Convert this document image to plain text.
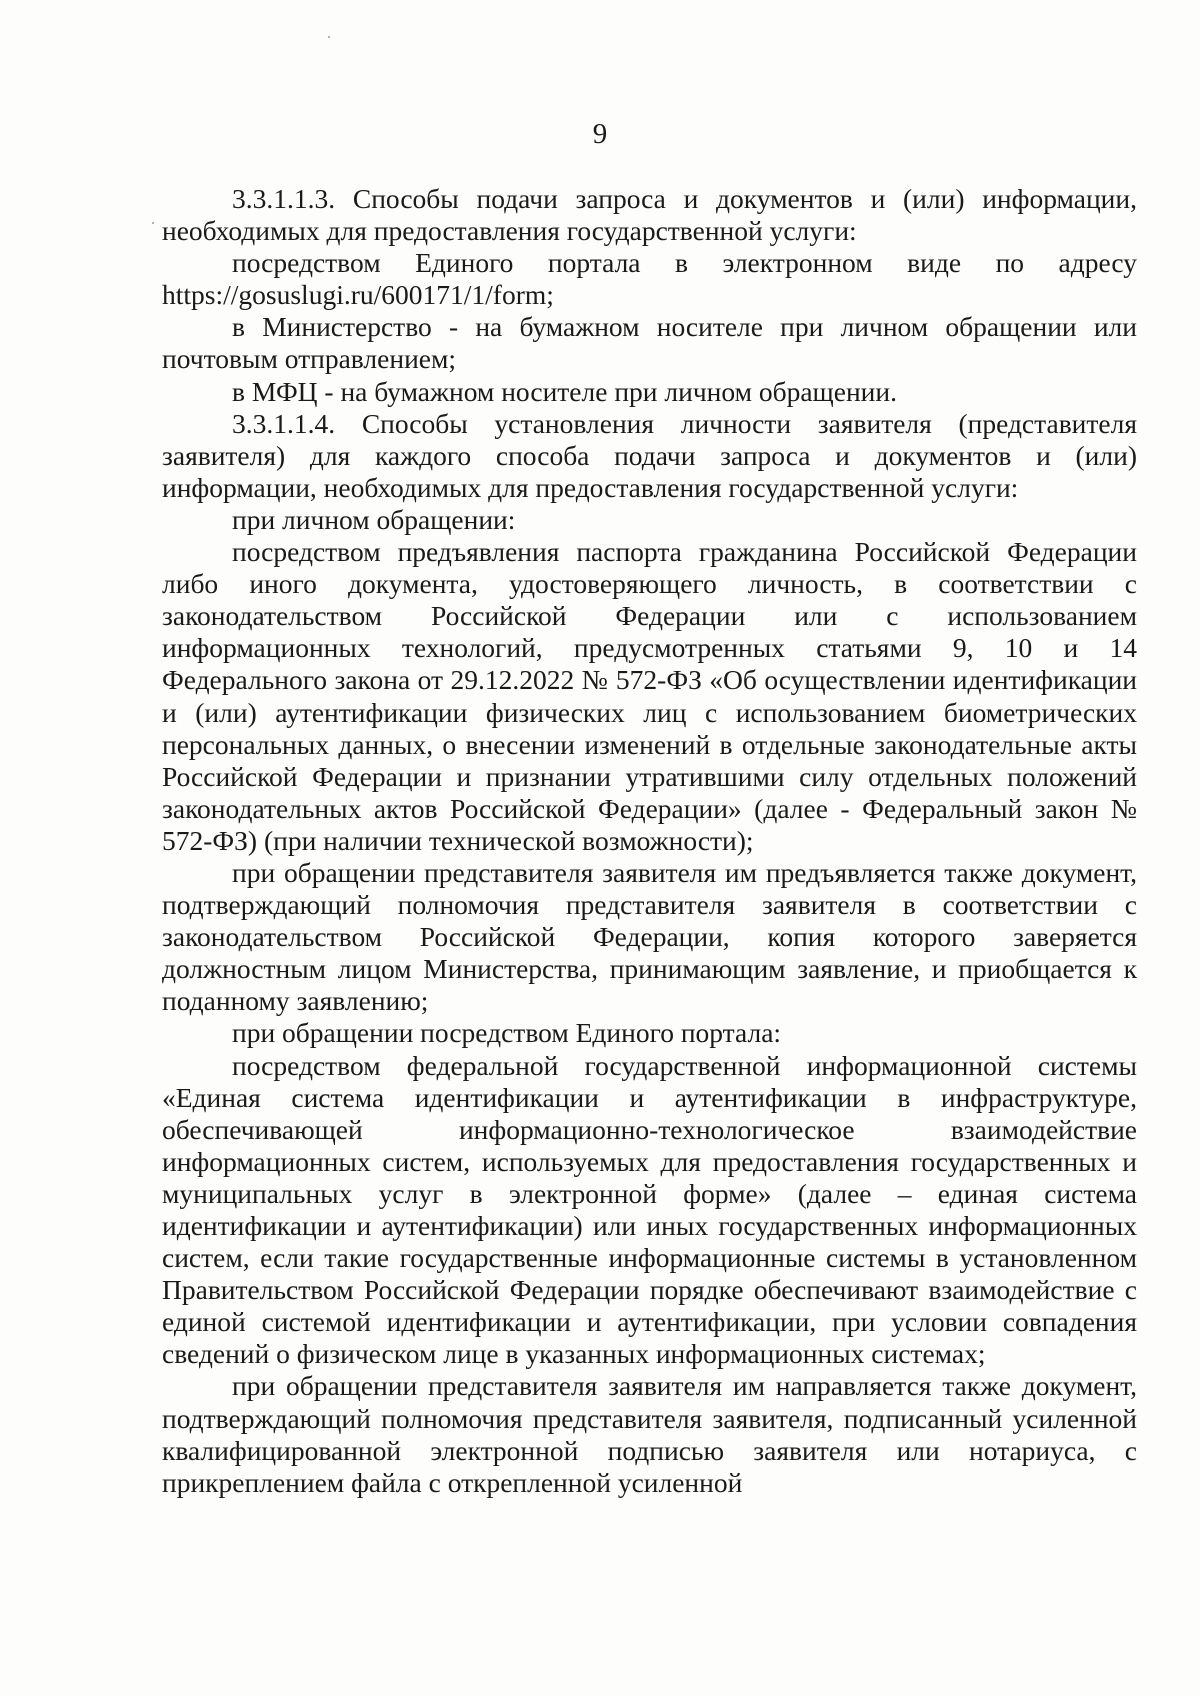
9

3.3.1.1.3. Способы подачи запроса и документов и (или) информации, необходимых для предоставления государственной услуги:

посредством Единого портала в электронном виде по адресу https://gosuslugi.ru/600171/1/form;

в Министерство - на бумажном носителе при личном обращении или почтовым отправлением;

в МФЦ - на бумажном носителе при личном обращении.

3.3.1.1.4. Способы установления личности заявителя (представителя заявителя) для каждого способа подачи запроса и документов и (или) информации, необходимых для предоставления государственной услуги:

при личном обращении:

посредством предъявления паспорта гражданина Российской Федерации либо иного документа, удостоверяющего личность, в соответствии с законодательством Российской Федерации или с использованием информационных технологий, предусмотренных статьями 9, 10 и 14 Федерального закона от 29.12.2022 № 572-ФЗ «Об осуществлении идентификации и (или) аутентификации физических лиц с использованием биометрических персональных данных, о внесении изменений в отдельные законодательные акты Российской Федерации и признании утратившими силу отдельных положений законодательных актов Российской Федерации» (далее - Федеральный закон № 572-ФЗ) (при наличии технической возможности);

при обращении представителя заявителя им предъявляется также документ, подтверждающий полномочия представителя заявителя в соответствии с законодательством Российской Федерации, копия которого заверяется должностным лицом Министерства, принимающим заявление, и приобщается к поданному заявлению;

при обращении посредством Единого портала:

посредством федеральной государственной информационной системы «Единая система идентификации и аутентификации в инфраструктуре, обеспечивающей информационно-технологическое взаимодействие информационных систем, используемых для предоставления государственных и муниципальных услуг в электронной форме» (далее – единая система идентификации и аутентификации) или иных государственных информационных систем, если такие государственные информационные системы в установленном Правительством Российской Федерации порядке обеспечивают взаимодействие с единой системой идентификации и аутентификации, при условии совпадения сведений о физическом лице в указанных информационных системах;

при обращении представителя заявителя им направляется также документ, подтверждающий полномочия представителя заявителя, подписанный усиленной квалифицированной электронной подписью заявителя или нотариуса, с прикреплением файла с открепленной усиленной
